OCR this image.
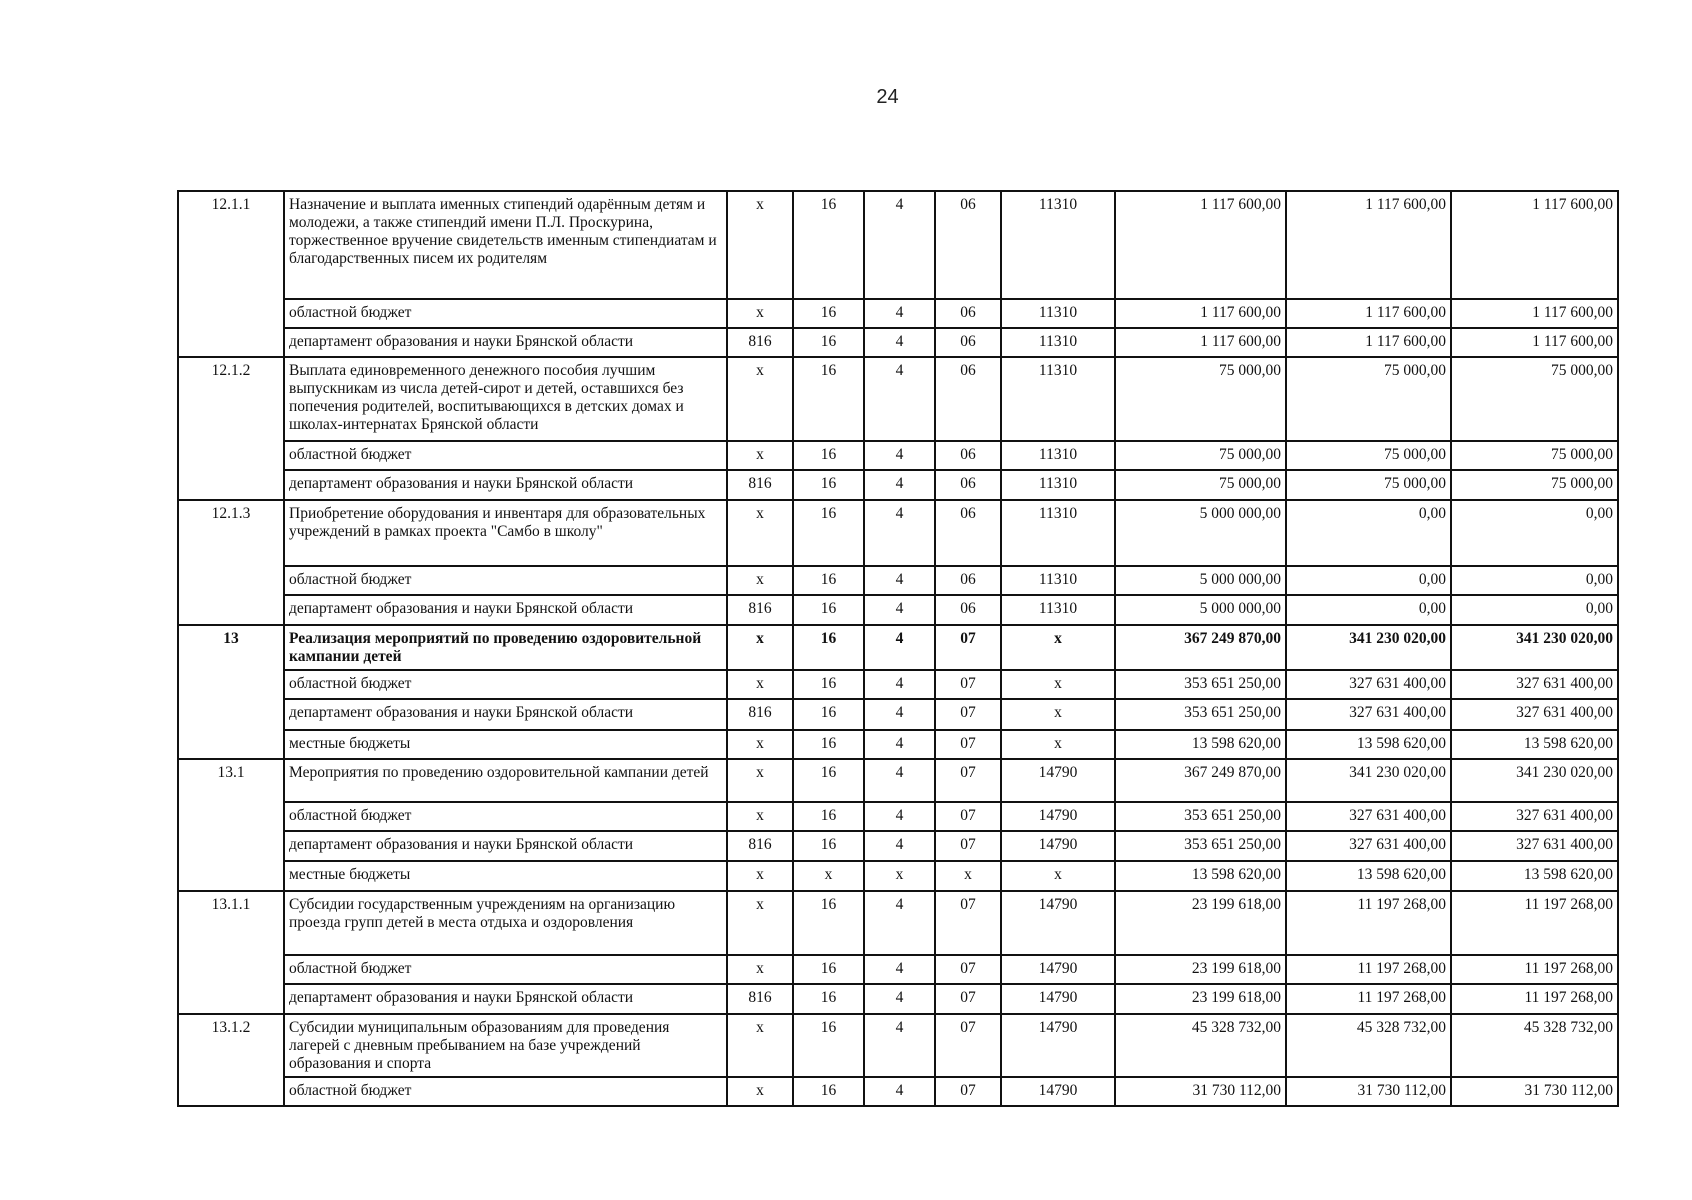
24
12.1.1	Назначение и выплата именных стипендий одарённым детям и молодежи, а также стипендий имени П.Л. Проскурина, торжественное вручение свидетельств именным стипендиатам и благодарственных писем их родителям	х	16	4	06	11310	1 117 600,00	1 117 600,00	1 117 600,00
	областной бюджет	х	16	4	06	11310	1 117 600,00	1 117 600,00	1 117 600,00
	департамент образования и науки Брянской области	816	16	4	06	11310	1 117 600,00	1 117 600,00	1 117 600,00
12.1.2	Выплата единовременного денежного пособия лучшим выпускникам из числа детей-сирот и детей, оставшихся без попечения родителей, воспитывающихся в детских домах и школах-интернатах Брянской области	х	16	4	06	11310	75 000,00	75 000,00	75 000,00
	областной бюджет	х	16	4	06	11310	75 000,00	75 000,00	75 000,00
	департамент образования и науки Брянской области	816	16	4	06	11310	75 000,00	75 000,00	75 000,00
12.1.3	Приобретение оборудования и инвентаря для образовательных учреждений в рамках проекта "Самбо в школу"	х	16	4	06	11310	5 000 000,00	0,00	0,00
	областной бюджет	х	16	4	06	11310	5 000 000,00	0,00	0,00
	департамент образования и науки Брянской области	816	16	4	06	11310	5 000 000,00	0,00	0,00
13	Реализация мероприятий по проведению оздоровительной кампании детей	х	16	4	07	х	367 249 870,00	341 230 020,00	341 230 020,00
	областной бюджет	х	16	4	07	х	353 651 250,00	327 631 400,00	327 631 400,00
	департамент образования и науки Брянской области	816	16	4	07	х	353 651 250,00	327 631 400,00	327 631 400,00
	местные бюджеты	х	16	4	07	х	13 598 620,00	13 598 620,00	13 598 620,00
13.1	Мероприятия по проведению оздоровительной кампании детей	х	16	4	07	14790	367 249 870,00	341 230 020,00	341 230 020,00
	областной бюджет	х	16	4	07	14790	353 651 250,00	327 631 400,00	327 631 400,00
	департамент образования и науки Брянской области	816	16	4	07	14790	353 651 250,00	327 631 400,00	327 631 400,00
	местные бюджеты	х	х	х	х	х	13 598 620,00	13 598 620,00	13 598 620,00
13.1.1	Субсидии государственным учреждениям на организацию проезда групп детей в места отдыха и оздоровления	х	16	4	07	14790	23 199 618,00	11 197 268,00	11 197 268,00
	областной бюджет	х	16	4	07	14790	23 199 618,00	11 197 268,00	11 197 268,00
	департамент образования и науки Брянской области	816	16	4	07	14790	23 199 618,00	11 197 268,00	11 197 268,00
13.1.2	Субсидии муниципальным образованиям для проведения лагерей с дневным пребыванием на базе учреждений образования и спорта	х	16	4	07	14790	45 328 732,00	45 328 732,00	45 328 732,00
	областной бюджет	х	16	4	07	14790	31 730 112,00	31 730 112,00	31 730 112,00
